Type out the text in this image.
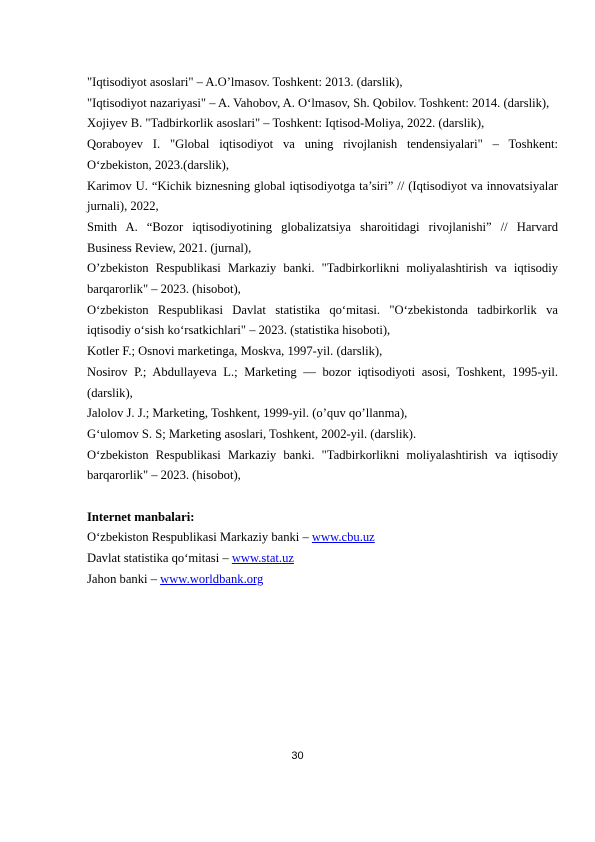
"Iqtisodiyot asoslari" – A.O’lmasov. Toshkent: 2013. (darslik),

"Iqtisodiyot nazariyasi" – A. Vahobov, A. O‘lmasov, Sh. Qobilov. Toshkent: 2014. (darslik),

Xojiyev B. "Tadbirkorlik asoslari" – Toshkent: Iqtisod-Moliya, 2022. (darslik),

Qoraboyev I. "Global iqtisodiyot va uning rivojlanish tendensiyalari" – Toshkent: O‘zbekiston, 2023.(darslik),

Karimov U. “Kichik biznesning global iqtisodiyotga ta’siri” // (Iqtisodiyot va innovatsiyalar jurnali), 2022,

Smith A. “Bozor iqtisodiyotining globalizatsiya sharoitidagi rivojlanishi” // Harvard Business Review, 2021. (jurnal),

O’zbekiston Respublikasi Markaziy banki. "Tadbirkorlikni moliyalashtirish va iqtisodiy barqarorlik" – 2023. (hisobot),

O‘zbekiston Respublikasi Davlat statistika qo‘mitasi. "O‘zbekistonda tadbirkorlik va iqtisodiy o‘sish ko‘rsatkichlari" – 2023. (statistika hisoboti),

Kotler F.; Osnovi marketinga, Moskva, 1997-yil. (darslik),

Nosirov P.; Abdullayeva L.; Marketing — bozor iqtisodiyoti asosi, Toshkent, 1995-yil. (darslik),

Jalolov J. J.; Marketing, Toshkent, 1999-yil. (o’quv qo’llanma),

G‘ulomov S. S; Marketing asoslari, Toshkent, 2002-yil. (darslik).

O‘zbekiston Respublikasi Markaziy banki. "Tadbirkorlikni moliyalashtirish va iqtisodiy barqarorlik" – 2023. (hisobot),

Internet manbalari:

O‘zbekiston Respublikasi Markaziy banki – www.cbu.uz

Davlat statistika qo‘mitasi – www.stat.uz

Jahon banki – www.worldbank.org

30
